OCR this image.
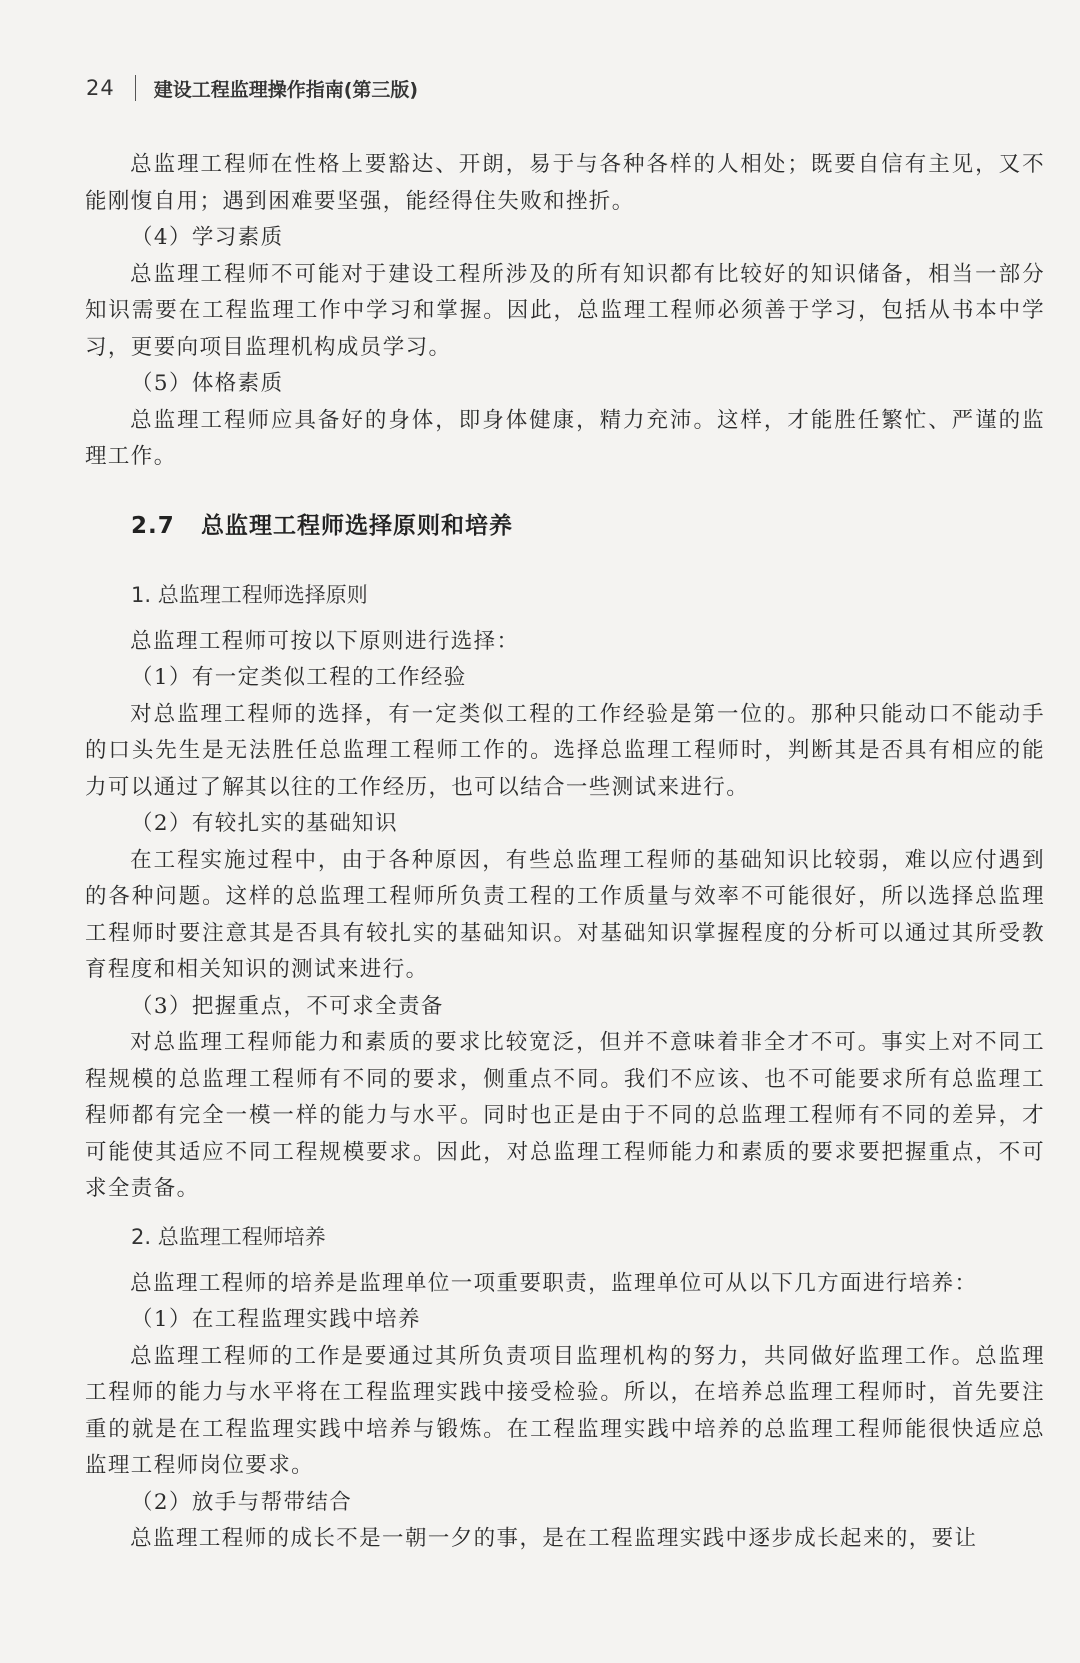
24 建设工程监理操作指南(第三版)

总监理工程师在性格上要豁达、开朗，易于与各种各样的人相处；既要自信有主见，又不能刚愎自用；遇到困难要坚强，能经得住失败和挫折。

（4）学习素质

总监理工程师不可能对于建设工程所涉及的所有知识都有比较好的知识储备，相当一部分知识需要在工程监理工作中学习和掌握。因此，总监理工程师必须善于学习，包括从书本中学习，更要向项目监理机构成员学习。

（5）体格素质

总监理工程师应具备好的身体，即身体健康，精力充沛。这样，才能胜任繁忙、严谨的监理工作。

2.7 总监理工程师选择原则和培养
1. 总监理工程师选择原则

总监理工程师可按以下原则进行选择：

（1）有一定类似工程的工作经验

对总监理工程师的选择，有一定类似工程的工作经验是第一位的。那种只能动口不能动手的口头先生是无法胜任总监理工程师工作的。选择总监理工程师时，判断其是否具有相应的能力可以通过了解其以往的工作经历，也可以结合一些测试来进行。

（2）有较扎实的基础知识

在工程实施过程中，由于各种原因，有些总监理工程师的基础知识比较弱，难以应付遇到的各种问题。这样的总监理工程师所负责工程的工作质量与效率不可能很好，所以选择总监理工程师时要注意其是否具有较扎实的基础知识。对基础知识掌握程度的分析可以通过其所受教育程度和相关知识的测试来进行。

（3）把握重点，不可求全责备

对总监理工程师能力和素质的要求比较宽泛，但并不意味着非全才不可。事实上对不同工程规模的总监理工程师有不同的要求，侧重点不同。我们不应该、也不可能要求所有总监理工程师都有完全一模一样的能力与水平。同时也正是由于不同的总监理工程师有不同的差异，才可能使其适应不同工程规模要求。因此，对总监理工程师能力和素质的要求要把握重点，不可求全责备。

2. 总监理工程师培养

总监理工程师的培养是监理单位一项重要职责，监理单位可从以下几方面进行培养：

（1）在工程监理实践中培养

总监理工程师的工作是要通过其所负责项目监理机构的努力，共同做好监理工作。总监理工程师的能力与水平将在工程监理实践中接受检验。所以，在培养总监理工程师时，首先要注重的就是在工程监理实践中培养与锻炼。在工程监理实践中培养的总监理工程师能很快适应总监理工程师岗位要求。

（2）放手与帮带结合

总监理工程师的成长不是一朝一夕的事，是在工程监理实践中逐步成长起来的，要让
